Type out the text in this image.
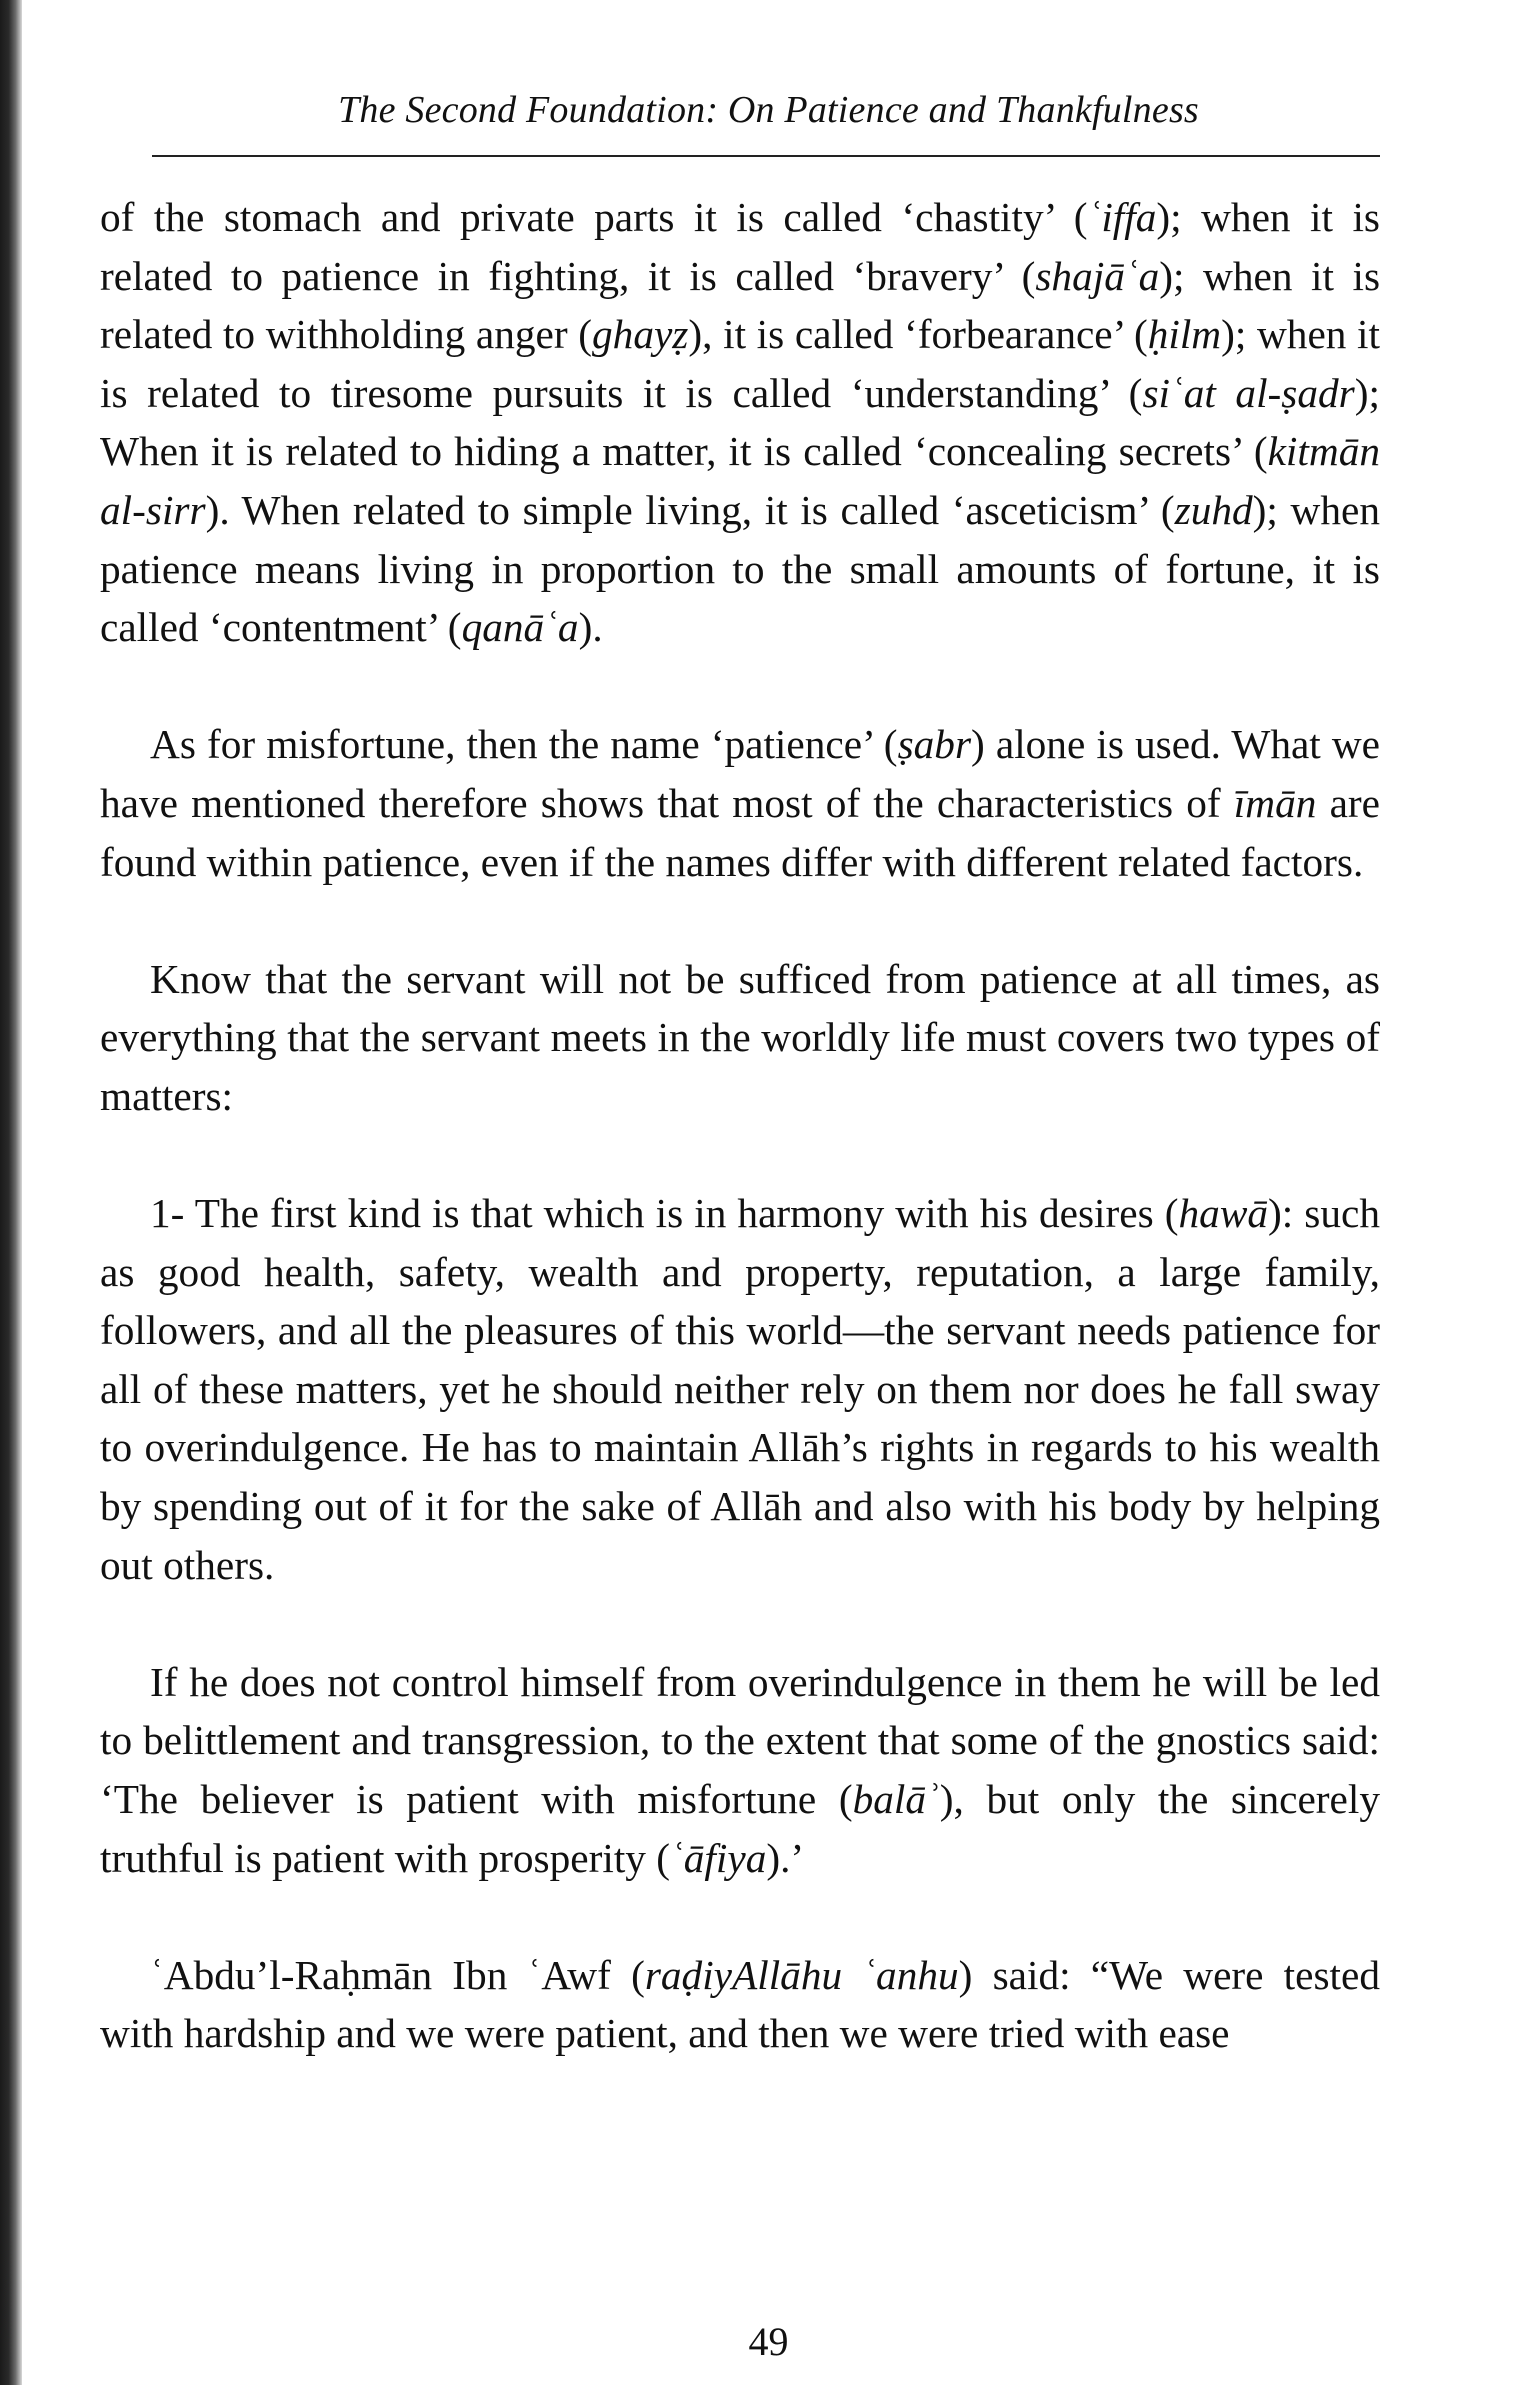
The Second Foundation: On Patience and Thankfulness

of the stomach and private parts it is called ‘chastity’ (ʿiffa); when it is related to patience in fighting, it is called ‘bravery’ (shajāʿa); when it is related to withholding anger (ghayẓ), it is called ‘forbearance’ (ḥilm); when it is related to tiresome pursuits it is called ‘understanding’ (siʿat al-ṣadr); When it is related to hiding a matter, it is called ‘concealing secrets’ (kitmān al-sirr). When related to simple living, it is called ‘asceticism’ (zuhd); when patience means living in proportion to the small amounts of fortune, it is called ‘contentment’ (qanāʿa).

As for misfortune, then the name ‘patience’ (ṣabr) alone is used. What we have mentioned therefore shows that most of the characteristics of īmān are found within patience, even if the names differ with different related factors.

Know that the servant will not be sufficed from patience at all times, as everything that the servant meets in the worldly life must covers two types of matters:

1- The first kind is that which is in harmony with his desires (hawā): such as good health, safety, wealth and property, reputation, a large family, followers, and all the pleasures of this world—the servant needs patience for all of these matters, yet he should neither rely on them nor does he fall sway to overindulgence. He has to maintain Allāh’s rights in regards to his wealth by spending out of it for the sake of Allāh and also with his body by helping out others.

If he does not control himself from overindulgence in them he will be led to belittlement and transgression, to the extent that some of the gnostics said: ‘The believer is patient with misfortune (balāʾ), but only the sincerely truthful is patient with prosperity (ʿāfiya).’

ʿAbdu’l-Raḥmān Ibn ʿAwf (raḍiyAllāhu ʿanhu) said: “We were tested with hardship and we were patient, and then we were tried with ease

49
